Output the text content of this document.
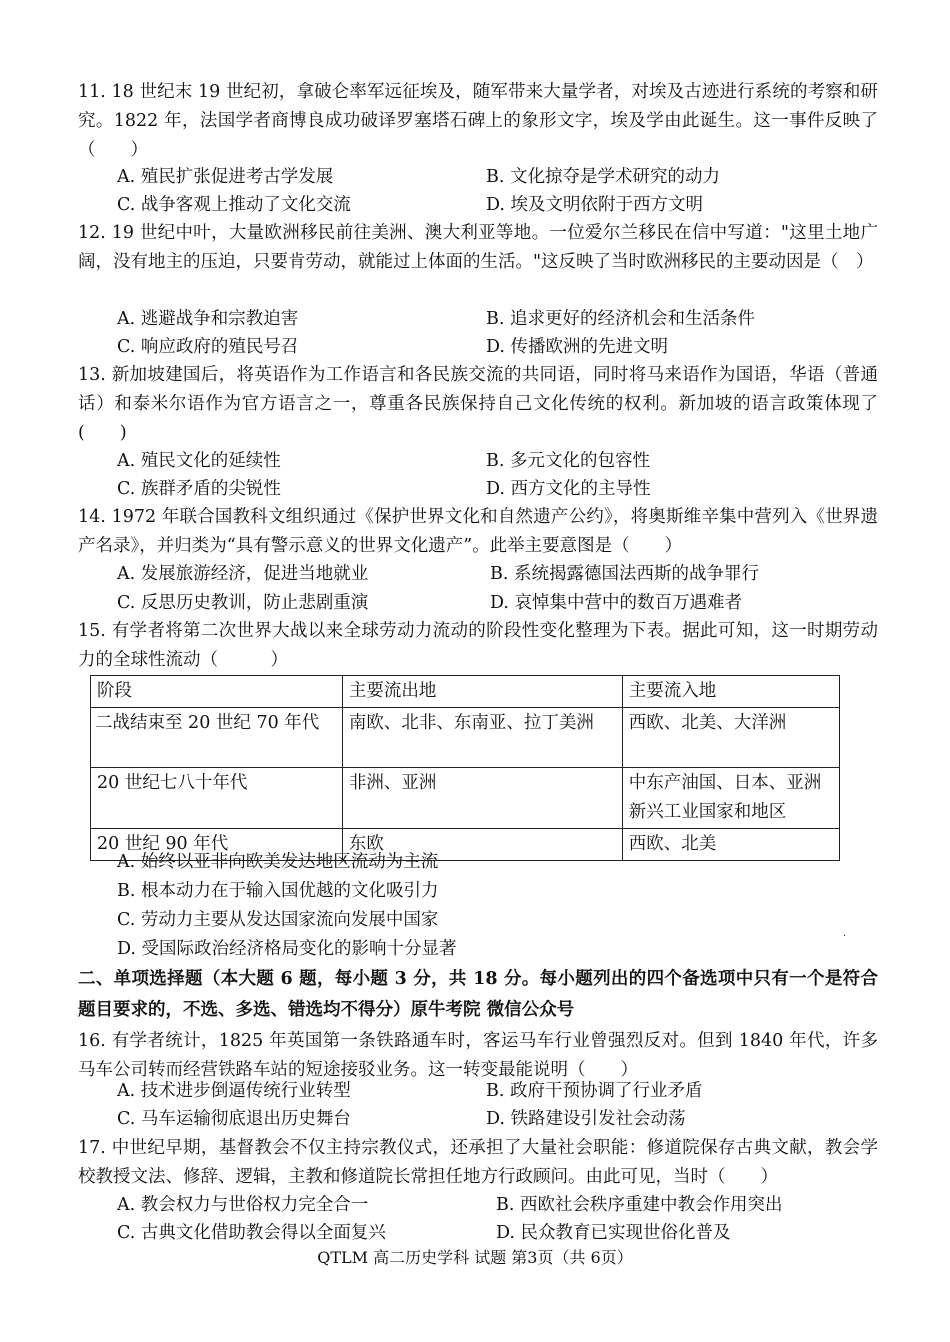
11. 18 世纪末 19 世纪初，拿破仑率军远征埃及，随军带来大量学者，对埃及古迹进行系统的考察和研究。1822 年，法国学者商博良成功破译罗塞塔石碑上的象形文字，埃及学由此诞生。这一事件反映了（　　）

A. 殖民扩张促进考古学发展	B. 文化掠夺是学术研究的动力
C. 战争客观上推动了文化交流	D. 埃及文明依附于西方文明

12. 19 世纪中叶，大量欧洲移民前往美洲、澳大利亚等地。一位爱尔兰移民在信中写道："这里土地广阔，没有地主的压迫，只要肯劳动，就能过上体面的生活。"这反映了当时欧洲移民的主要动因是（　）

A. 逃避战争和宗教迫害	B. 追求更好的经济机会和生活条件
C. 响应政府的殖民号召	D. 传播欧洲的先进文明

13. 新加坡建国后，将英语作为工作语言和各民族交流的共同语，同时将马来语作为国语，华语（普通话）和泰米尔语作为官方语言之一，尊重各民族保持自己文化传统的权利。新加坡的语言政策体现了(　　)

A. 殖民文化的延续性	B. 多元文化的包容性
C. 族群矛盾的尖锐性	D. 西方文化的主导性

14. 1972 年联合国教科文组织通过《保护世界文化和自然遗产公约》，将奥斯维辛集中营列入《世界遗产名录》，并归类为“具有警示意义的世界文化遗产”。此举主要意图是（　　）

A. 发展旅游经济，促进当地就业	B. 系统揭露德国法西斯的战争罪行
C. 反思历史教训，防止悲剧重演	D. 哀悼集中营中的数百万遇难者

15. 有学者将第二次世界大战以来全球劳动力流动的阶段性变化整理为下表。据此可知，这一时期劳动力的全球性流动（　　　）

阶段	主要流出地	主要流入地
二战结束至 20 世纪 70 年代	南欧、北非、东南亚、拉丁美洲	西欧、北美、大洋洲
20 世纪七八十年代	非洲、亚洲	中东产油国、日本、亚洲新兴工业国家和地区
20 世纪 90 年代	东欧	西欧、北美
A. 始终以亚非向欧美发达地区流动为主流
B. 根本动力在于输入国优越的文化吸引力
C. 劳动力主要从发达国家流向发展中国家
D. 受国际政治经济格局变化的影响十分显著
.

二、单项选择题（本大题 6 题，每小题 3 分，共 18 分。每小题列出的四个备选项中只有一个是符合题目要求的，不选、多选、错选均不得分）原牛考院 微信公众号

16. 有学者统计，1825 年英国第一条铁路通车时，客运马车行业曾强烈反对。但到 1840 年代，许多马车公司转而经营铁路车站的短途接驳业务。这一转变最能说明（　　）

A. 技术进步倒逼传统行业转型	B. 政府干预协调了行业矛盾
C. 马车运输彻底退出历史舞台	D. 铁路建设引发社会动荡

17. 中世纪早期，基督教会不仅主持宗教仪式，还承担了大量社会职能：修道院保存古典文献，教会学校教授文法、修辞、逻辑，主教和修道院长常担任地方行政顾问。由此可见，当时（　　）

A. 教会权力与世俗权力完全合一	B. 西欧社会秩序重建中教会作用突出
C. 古典文化借助教会得以全面复兴	D. 民众教育已实现世俗化普及
QTLM 高二历史学科 试题 第3页（共 6页）
